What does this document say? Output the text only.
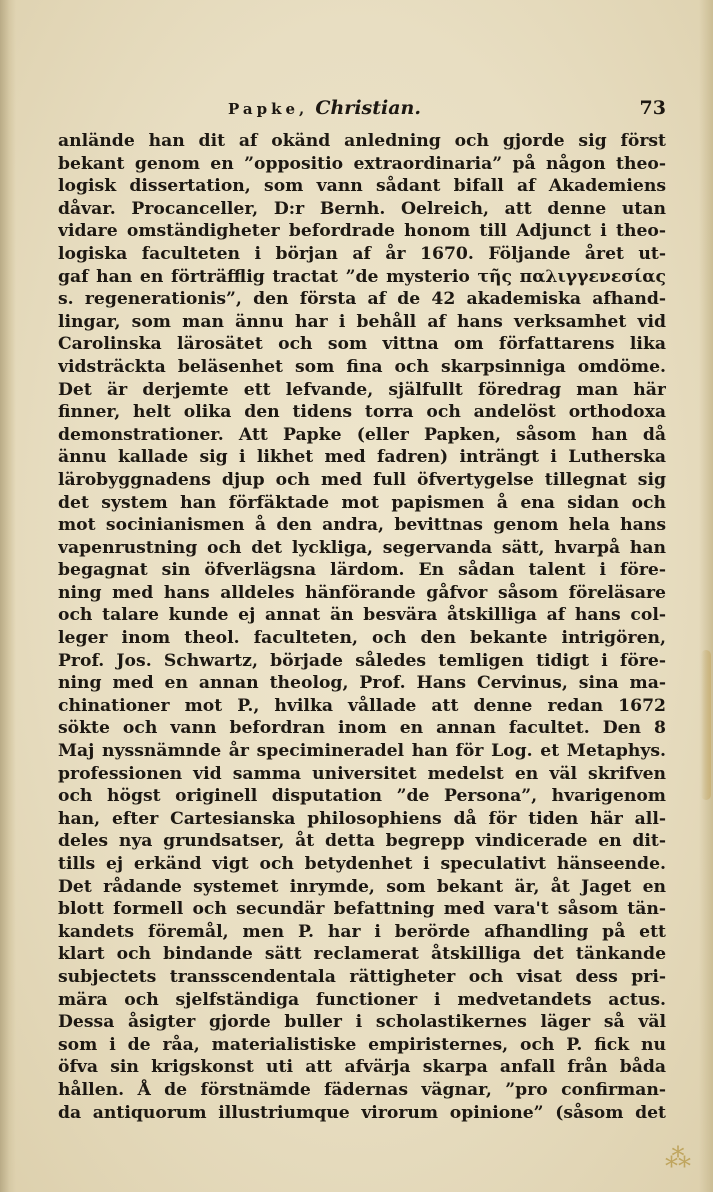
Papke, Christian.	73
anlände han dit af okänd anledning och gjorde sig först
bekant genom en ”oppositio extraordinaria” på någon theo-
logisk dissertation, som vann sådant bifall af Akademiens
dåvar. Procanceller, D:r Bernh. Oelreich, att denne utan
vidare omständigheter befordrade honom till Adjunct i theo-
logiska faculteten i början af år 1670. Följande året ut-
gaf han en förträfflig tractat ”de mysterio τῆς παλιγγενεσίας
s. regenerationis”, den första af de 42 akademiska afhand-
lingar, som man ännu har i behåll af hans verksamhet vid
Carolinska lärosätet och som vittna om författarens lika
vidsträckta beläsenhet som fina och skarpsinniga omdöme.
Det är derjemte ett lefvande, själfullt föredrag man här
finner, helt olika den tidens torra och andelöst orthodoxa
demonstrationer. Att Papke (eller Papken, såsom han då
ännu kallade sig i likhet med fadren) inträngt i Lutherska
lärobyggnadens djup och med full öfvertygelse tillegnat sig
det system han förfäktade mot papismen å ena sidan och
mot socinianismen å den andra, bevittnas genom hela hans
vapenrustning och det lyckliga, segervanda sätt, hvarpå han
begagnat sin öfverlägsna lärdom. En sådan talent i före-
ning med hans alldeles hänförande gåfvor såsom föreläsare
och talare kunde ej annat än besvära åtskilliga af hans col-
leger inom theol. faculteten, och den bekante intrigören,
Prof. Jos. Schwartz, började således temligen tidigt i före-
ning med en annan theolog, Prof. Hans Cervinus, sina ma-
chinationer mot P., hvilka vållade att denne redan 1672
sökte och vann befordran inom en annan facultet. Den 8
Maj nyssnämnde år specimineradel han för Log. et Metaphys.
professionen vid samma universitet medelst en väl skrifven
och högst originell disputation ”de Persona”, hvarigenom
han, efter Cartesianska philosophiens då för tiden här all-
deles nya grundsatser, åt detta begrepp vindicerade en dit-
tills ej erkänd vigt och betydenhet i speculativt hänseende.
Det rådande systemet inrymde, som bekant är, åt Jaget en
blott formell och secundär befattning med vara't såsom tän-
kandets föremål, men P. har i berörde afhandling på ett
klart och bindande sätt reclamerat åtskilliga det tänkande
subjectets transscendentala rättigheter och visat dess pri-
mära och sjelfständiga functioner i medvetandets actus.
Dessa åsigter gjorde buller i scholastikernes läger så väl
som i de råa, materialistiske empiristernes, och P. fick nu
öfva sin krigskonst uti att afvärja skarpa anfall från båda
hållen. Å de förstnämde fädernas vägnar, ”pro confirman-
da antiquorum illustriumque virorum opinione” (såsom det
⁂
